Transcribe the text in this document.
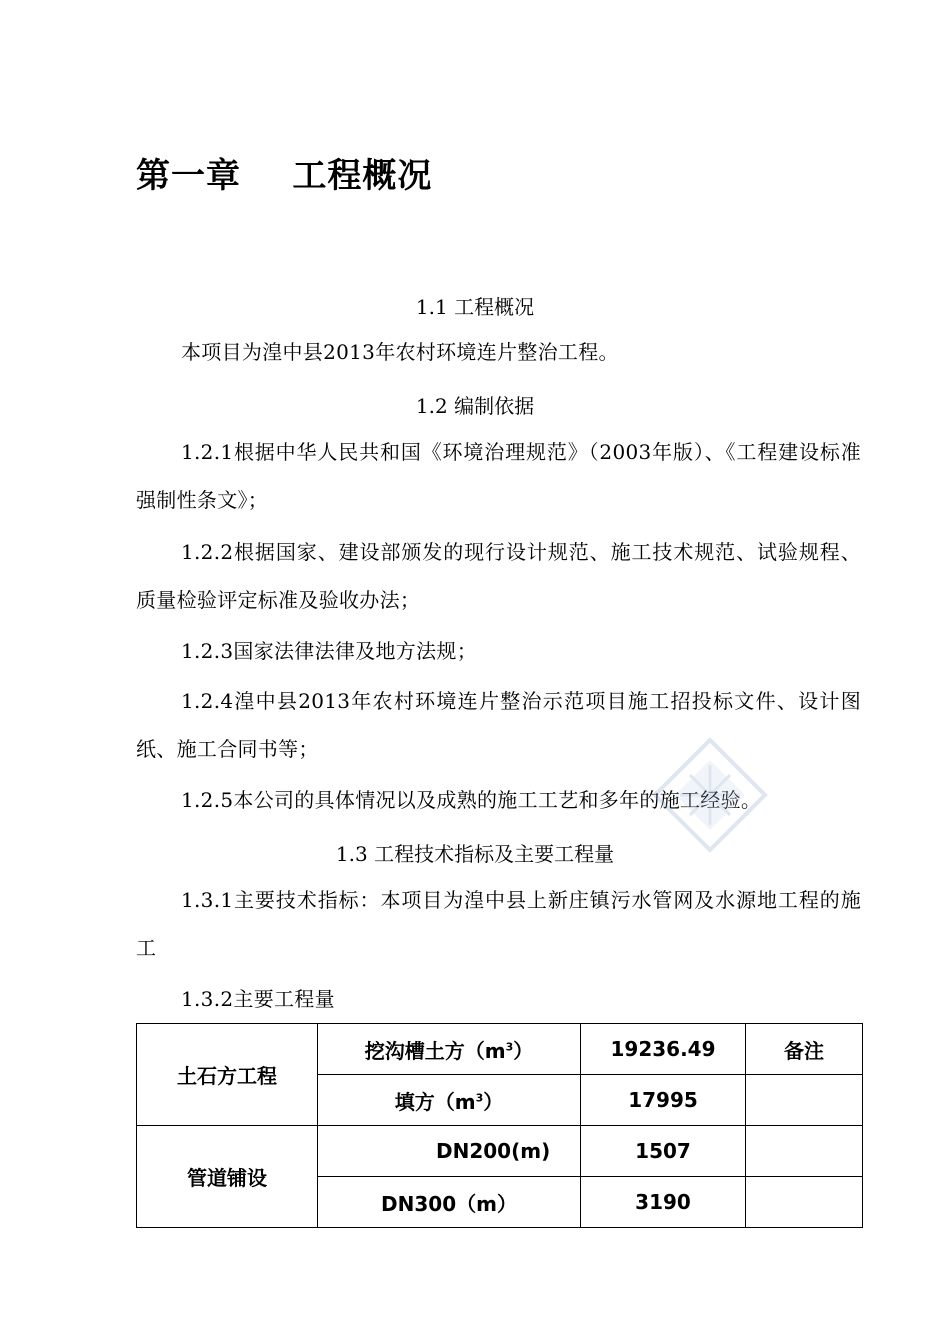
第一章    工程概况

1.1 工程概况

本项目为湟中县2013年农村环境连片整治工程。

1.2 编制依据

1.2.1根据中华人民共和国《环境治理规范》（2003年版）、《工程建设标准强制性条文》；

1.2.2根据国家、建设部颁发的现行设计规范、施工技术规范、试验规程、质量检验评定标准及验收办法；

1.2.3国家法律法律及地方法规；

1.2.4湟中县2013年农村环境连片整治示范项目施工招投标文件、设计图纸、施工合同书等；

1.2.5本公司的具体情况以及成熟的施工工艺和多年的施工经验。

1.3 工程技术指标及主要工程量

1.3.1主要技术指标：本项目为湟中县上新庄镇污水管网及水源地工程的施工

1.3.2主要工程量

土石方工程	挖沟槽土方$(m^3)$	19236.49	备注
	填方$(m^3)$	17995	
管道铺设	DN200(m)	1507	
	DN300（m）	3190	
